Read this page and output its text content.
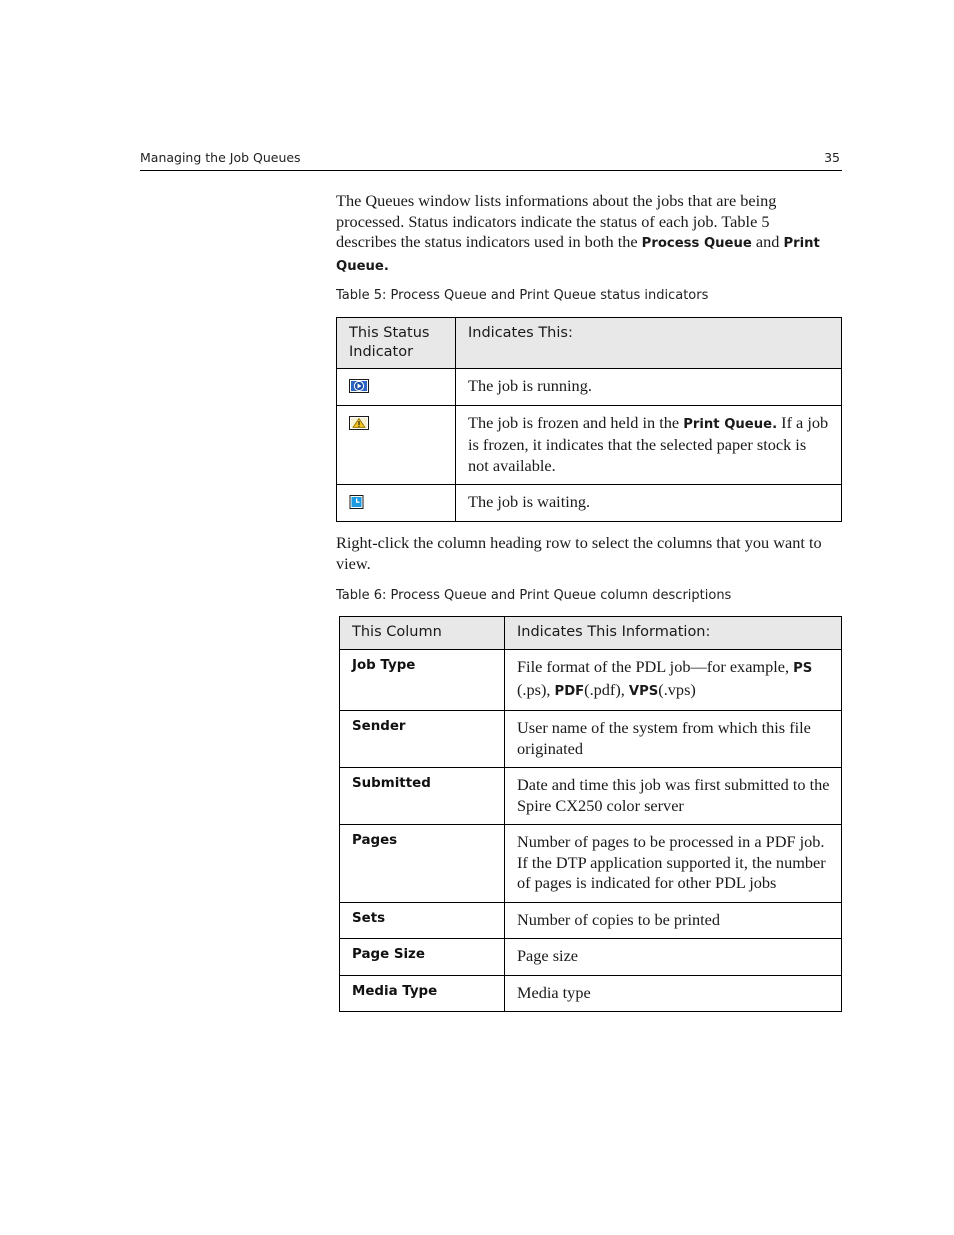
Managing the Job Queues	35
The Queues window lists informations about the jobs that are being
processed. Status indicators indicate the status of each job. Table 5
describes the status indicators used in both the Process Queue and Print
Queue.
Table 5: Process Queue and Print Queue status indicators
This Status Indicator	Indicates This:
	The job is running.
	The job is frozen and held in the Print Queue. If a job is frozen, it indicates that the selected paper stock is not available.
	The job is waiting.
Right-click the column heading row to select the columns that you want to view.
Table 6: Process Queue and Print Queue column descriptions
This Column	Indicates This Information:
Job Type	File format of the PDL job—for example, PS (.ps), PDF(.pdf), VPS(.vps)
Sender	User name of the system from which this file originated
Submitted	Date and time this job was first submitted to the Spire CX250 color server
Pages	Number of pages to be processed in a PDF job. If the DTP application supported it, the number of pages is indicated for other PDL jobs
Sets	Number of copies to be printed
Page Size	Page size
Media Type	Media type
